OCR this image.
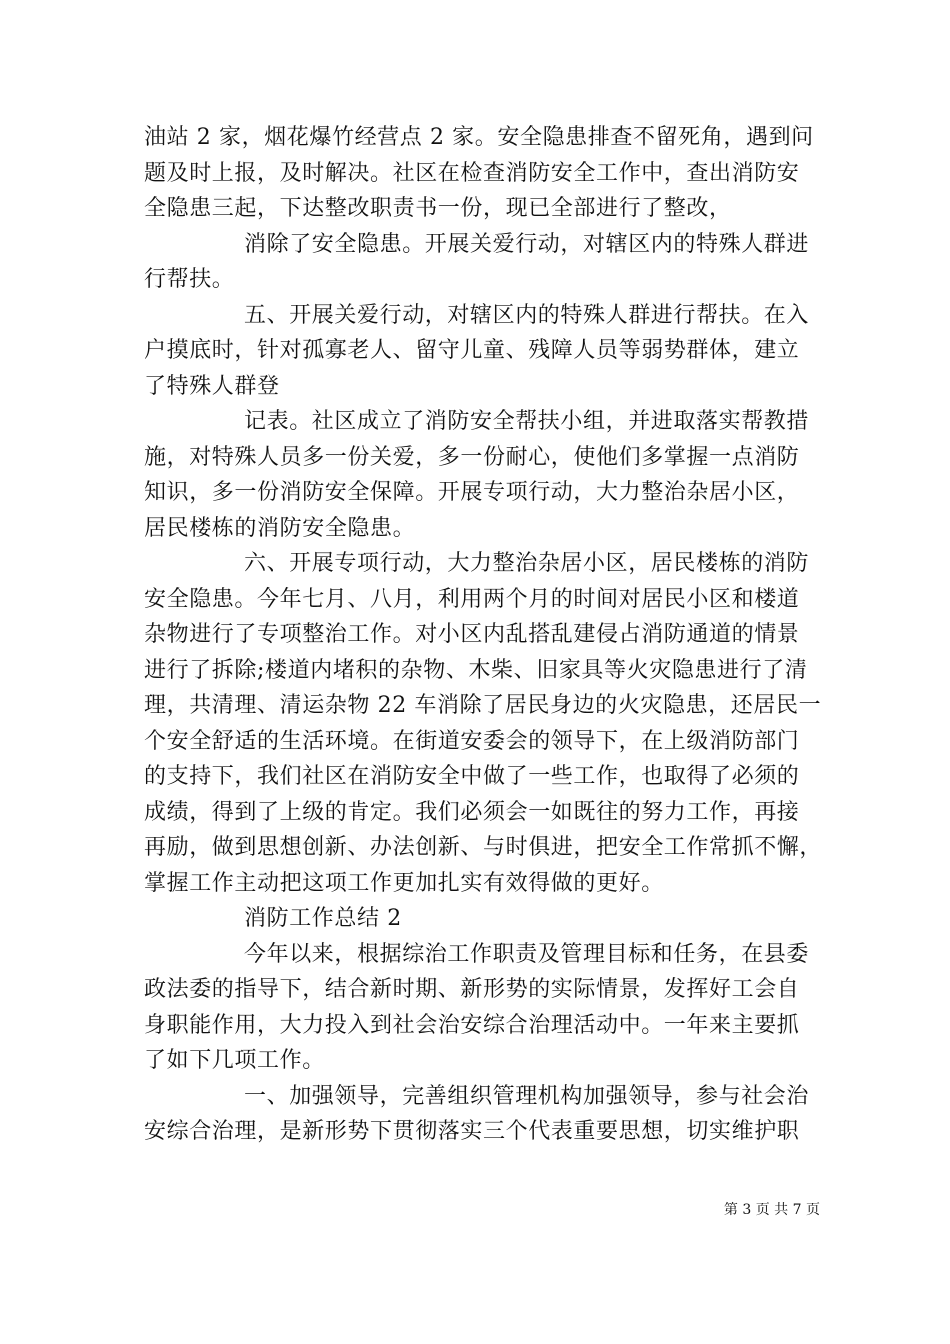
油站 2 家，烟花爆竹经营点 2 家。安全隐患排查不留死角，遇到问
题及时上报，及时解决。社区在检查消防安全工作中，查出消防安
全隐患三起，下达整改职责书一份，现已全部进行了整改，
消除了安全隐患。开展关爱行动，对辖区内的特殊人群进
行帮扶。
五、开展关爱行动，对辖区内的特殊人群进行帮扶。在入
户摸底时，针对孤寡老人、留守儿童、残障人员等弱势群体，建立
了特殊人群登
记表。社区成立了消防安全帮扶小组，并进取落实帮教措
施，对特殊人员多一份关爱，多一份耐心，使他们多掌握一点消防
知识，多一份消防安全保障。开展专项行动，大力整治杂居小区，
居民楼栋的消防安全隐患。
六、开展专项行动，大力整治杂居小区，居民楼栋的消防
安全隐患。今年七月、八月，利用两个月的时间对居民小区和楼道
杂物进行了专项整治工作。对小区内乱搭乱建侵占消防通道的情景
进行了拆除;楼道内堵积的杂物、木柴、旧家具等火灾隐患进行了清
理，共清理、清运杂物 22 车消除了居民身边的火灾隐患，还居民一
个安全舒适的生活环境。在街道安委会的领导下，在上级消防部门
的支持下，我们社区在消防安全中做了一些工作，也取得了必须的
成绩，得到了上级的肯定。我们必须会一如既往的努力工作，再接
再励，做到思想创新、办法创新、与时俱进，把安全工作常抓不懈，
掌握工作主动把这项工作更加扎实有效得做的更好。
消防工作总结 2
今年以来，根据综治工作职责及管理目标和任务，在县委
政法委的指导下，结合新时期、新形势的实际情景，发挥好工会自
身职能作用，大力投入到社会治安综合治理活动中。一年来主要抓
了如下几项工作。
一、加强领导，完善组织管理机构加强领导，参与社会治
安综合治理，是新形势下贯彻落实三个代表重要思想，切实维护职
第 3 页 共 7 页
